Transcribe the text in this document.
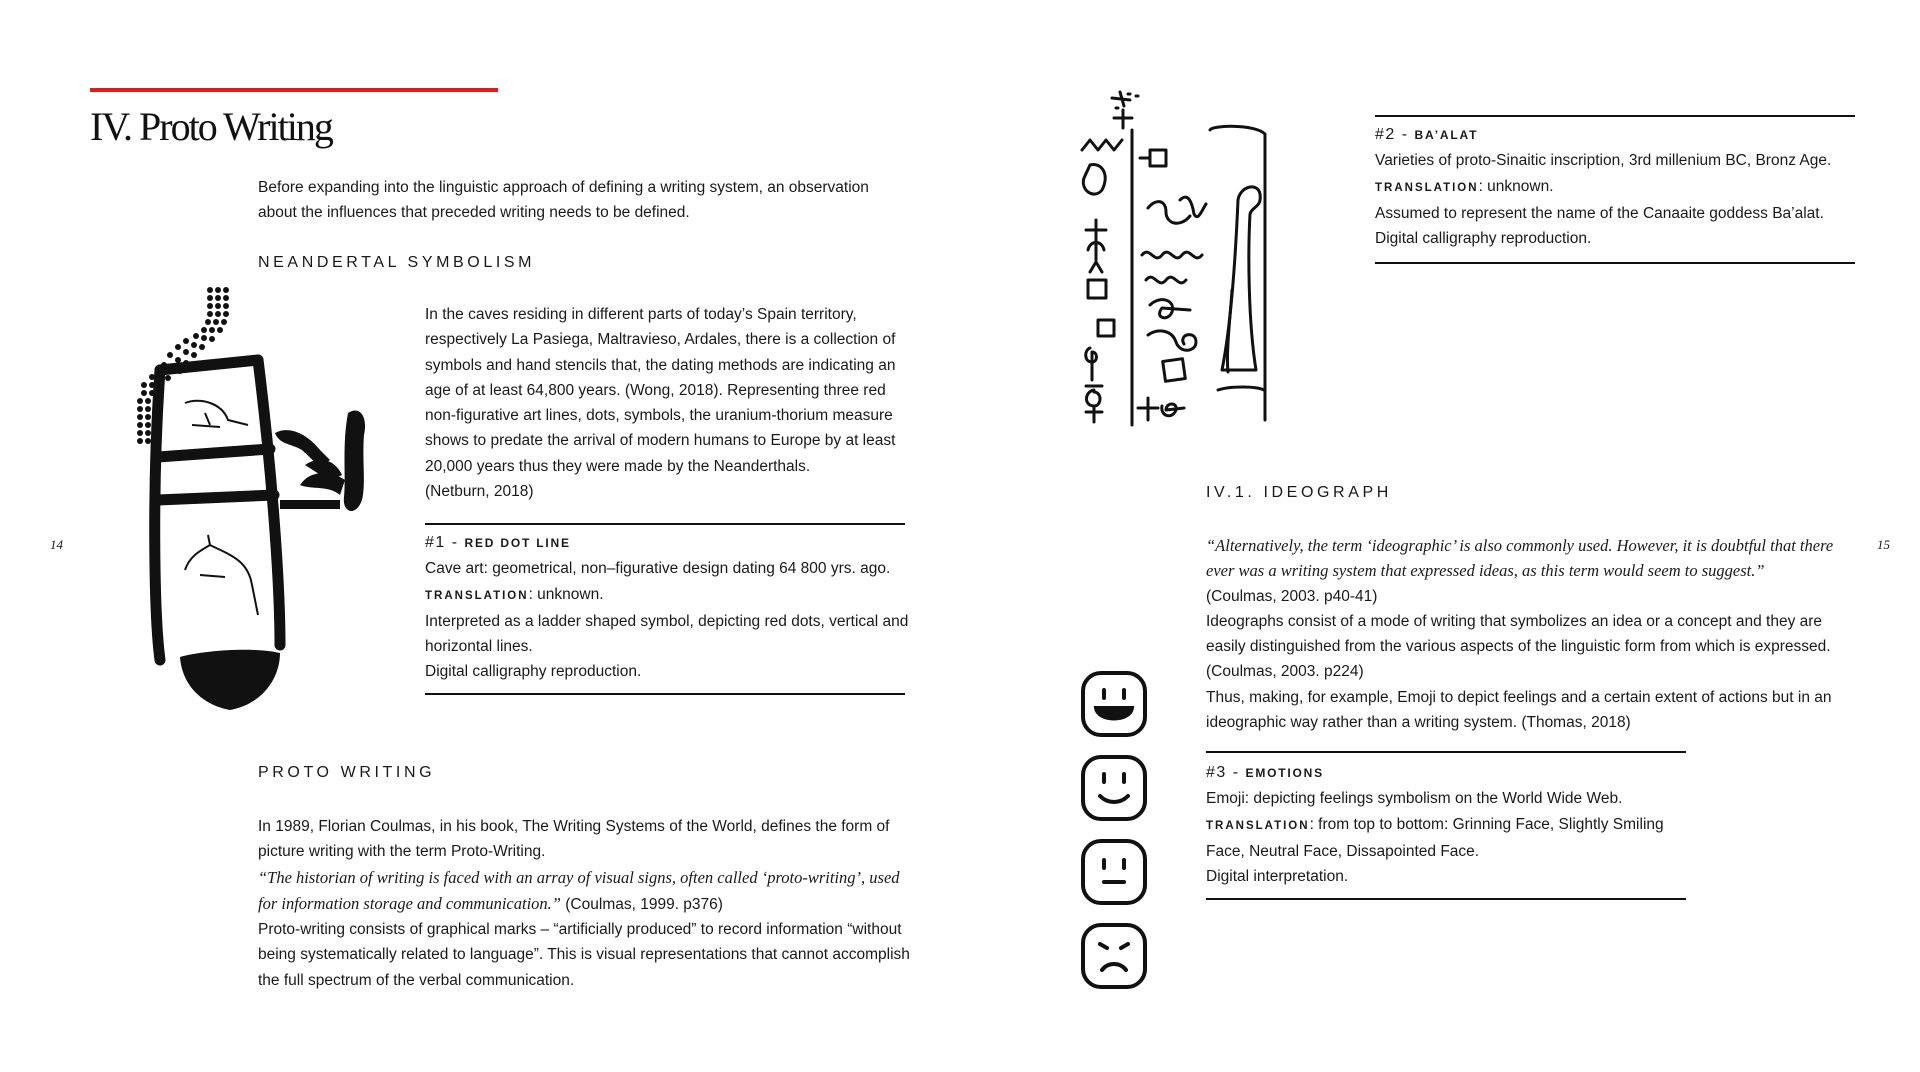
IV. Proto Writing
Before expanding into the linguistic approach of defining a writing system, an observation about the influences that preceded writing needs to be defined.
NEANDERTAL SYMBOLISM
In the caves residing in different parts of today’s Spain territory, respectively La Pasiega, Maltravieso, Ardales, there is a collection of symbols and hand stencils that, the dating methods are indicating an age of at least 64,800 years. (Wong, 2018). Representing three red non-figurative art lines, dots, symbols, the uranium-thorium measure shows to predate the arrival of modern humans to Europe by at least 20,000 years thus they were made by the Neanderthals.
(Netburn, 2018)
#1 - RED DOT LINE
Cave art: geometrical, non–figurative design dating 64 800 yrs. ago.
TRANSLATION: unknown.
Interpreted as a ladder shaped symbol, depicting red dots, vertical and horizontal lines.
Digital calligraphy reproduction.
PROTO WRITING
In 1989, Florian Coulmas, in his book, The Writing Systems of the World, defines the form of picture writing with the term Proto-Writing.
“The historian of writing is faced with an array of visual signs, often called ‘proto-writing’, used for information storage and communication.” (Coulmas, 1999. p376)
Proto-writing consists of graphical marks – “artificially produced” to record information “without being systematically related to language”. This is visual representations that cannot accomplish the full spectrum of the verbal communication.
14
#2 - BA’ALAT
Varieties of proto-Sinaitic inscription, 3rd millenium BC, Bronz Age.
TRANSLATION: unknown.
Assumed to represent the name of the Canaaite goddess Ba’alat.
Digital calligraphy reproduction.
IV.1. IDEOGRAPH
“Alternatively, the term ‘ideographic’ is also commonly used. However, it is doubtful that there ever was a writing system that expressed ideas, as this term would seem to suggest.”
(Coulmas, 2003. p40-41)
Ideographs consist of a mode of writing that symbolizes an idea or a concept and they are easily distinguished from the various aspects of the linguistic form from which is expressed.
(Coulmas, 2003. p224)
Thus, making, for example, Emoji to depict feelings and a certain extent of actions but in an ideographic way rather than a writing system. (Thomas, 2018)
#3 - EMOTIONS
Emoji: depicting feelings symbolism on the World Wide Web.
TRANSLATION: from top to bottom: Grinning Face, Slightly Smiling Face, Neutral Face, Dissapointed Face.
Digital interpretation.
15
